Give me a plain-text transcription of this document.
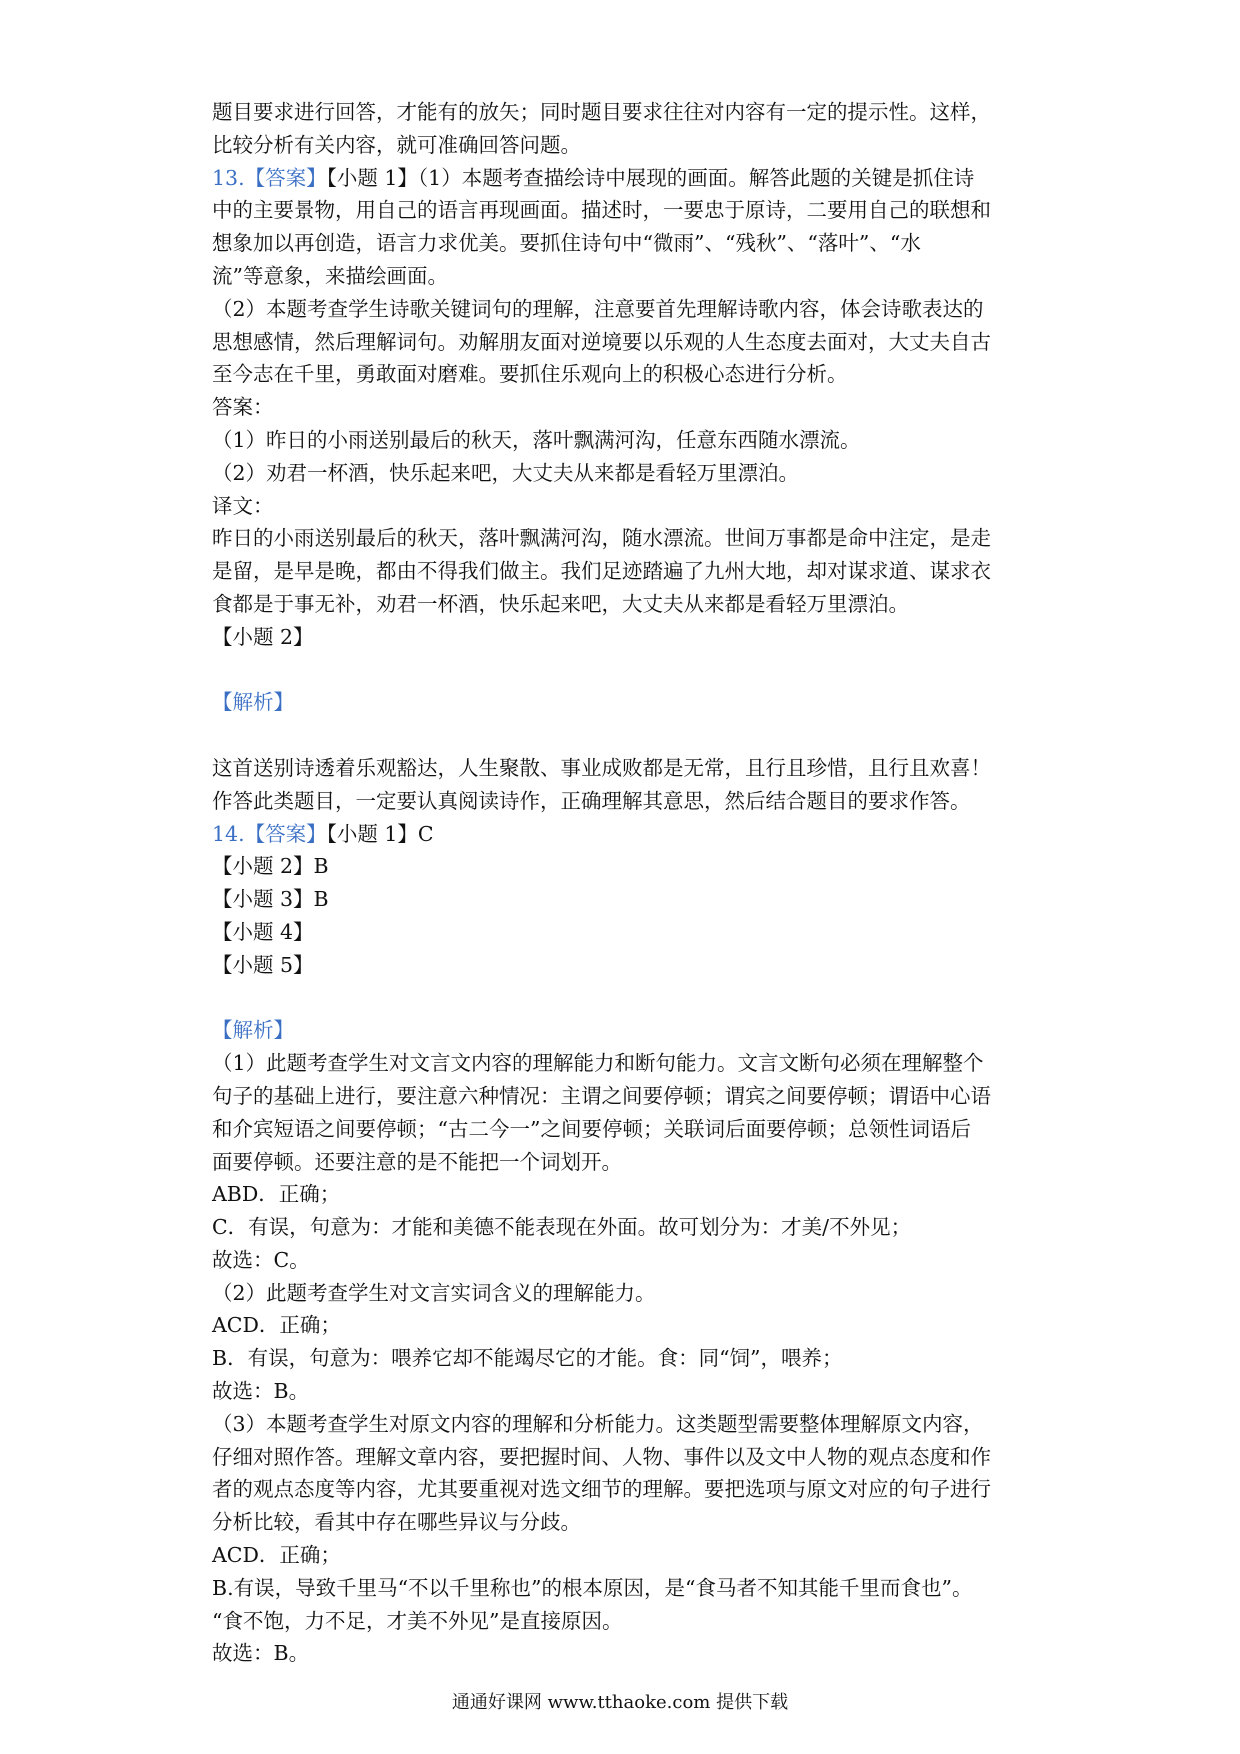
题目要求进行回答，才能有的放矢；同时题目要求往往对内容有一定的提示性。这样，
比较分析有关内容，就可准确回答问题。
13.【答案】【小题 1】（1）本题考查描绘诗中展现的画面。解答此题的关键是抓住诗
中的主要景物，用自己的语言再现画面。描述时，一要忠于原诗，二要用自己的联想和
想象加以再创造，语言力求优美。要抓住诗句中“微雨”、“残秋”、“落叶”、“水
流”等意象，来描绘画面。
（2）本题考查学生诗歌关键词句的理解，注意要首先理解诗歌内容，体会诗歌表达的
思想感情，然后理解词句。劝解朋友面对逆境要以乐观的人生态度去面对，大丈夫自古
至今志在千里，勇敢面对磨难。要抓住乐观向上的积极心态进行分析。
答案：
（1）昨日的小雨送别最后的秋天，落叶飘满河沟，任意东西随水漂流。
（2）劝君一杯酒，快乐起来吧，大丈夫从来都是看轻万里漂泊。
译文：
昨日的小雨送别最后的秋天，落叶飘满河沟，随水漂流。世间万事都是命中注定，是走
是留，是早是晚，都由不得我们做主。我们足迹踏遍了九州大地，却对谋求道、谋求衣
食都是于事无补，劝君一杯酒，快乐起来吧，大丈夫从来都是看轻万里漂泊。
【小题 2】
【解析】
这首送别诗透着乐观豁达，人生聚散、事业成败都是无常，且行且珍惜，且行且欢喜！
作答此类题目，一定要认真阅读诗作，正确理解其意思，然后结合题目的要求作答。
14.【答案】【小题 1】C
【小题 2】B
【小题 3】B
【小题 4】
【小题 5】
【解析】
（1）此题考查学生对文言文内容的理解能力和断句能力。文言文断句必须在理解整个
句子的基础上进行，要注意六种情况：主谓之间要停顿；谓宾之间要停顿；谓语中心语
和介宾短语之间要停顿；“古二今一”之间要停顿；关联词后面要停顿；总领性词语后
面要停顿。还要注意的是不能把一个词划开。
ABD．正确；
C．有误，句意为：才能和美德不能表现在外面。故可划分为：才美/不外见；
故选：C。
（2）此题考查学生对文言实词含义的理解能力。
ACD．正确；
B．有误，句意为：喂养它却不能竭尽它的才能。食：同“饲”，喂养；
故选：B。
（3）本题考查学生对原文内容的理解和分析能力。这类题型需要整体理解原文内容，
仔细对照作答。理解文章内容，要把握时间、人物、事件以及文中人物的观点态度和作
者的观点态度等内容，尤其要重视对选文细节的理解。要把选项与原文对应的句子进行
分析比较，看其中存在哪些异议与分歧。
ACD．正确；
B.有误，导致千里马“不以千里称也”的根本原因，是“食马者不知其能千里而食也”。
“食不饱，力不足，才美不外见”是直接原因。
故选：B。
通通好课网 www.tthaoke.com 提供下载
